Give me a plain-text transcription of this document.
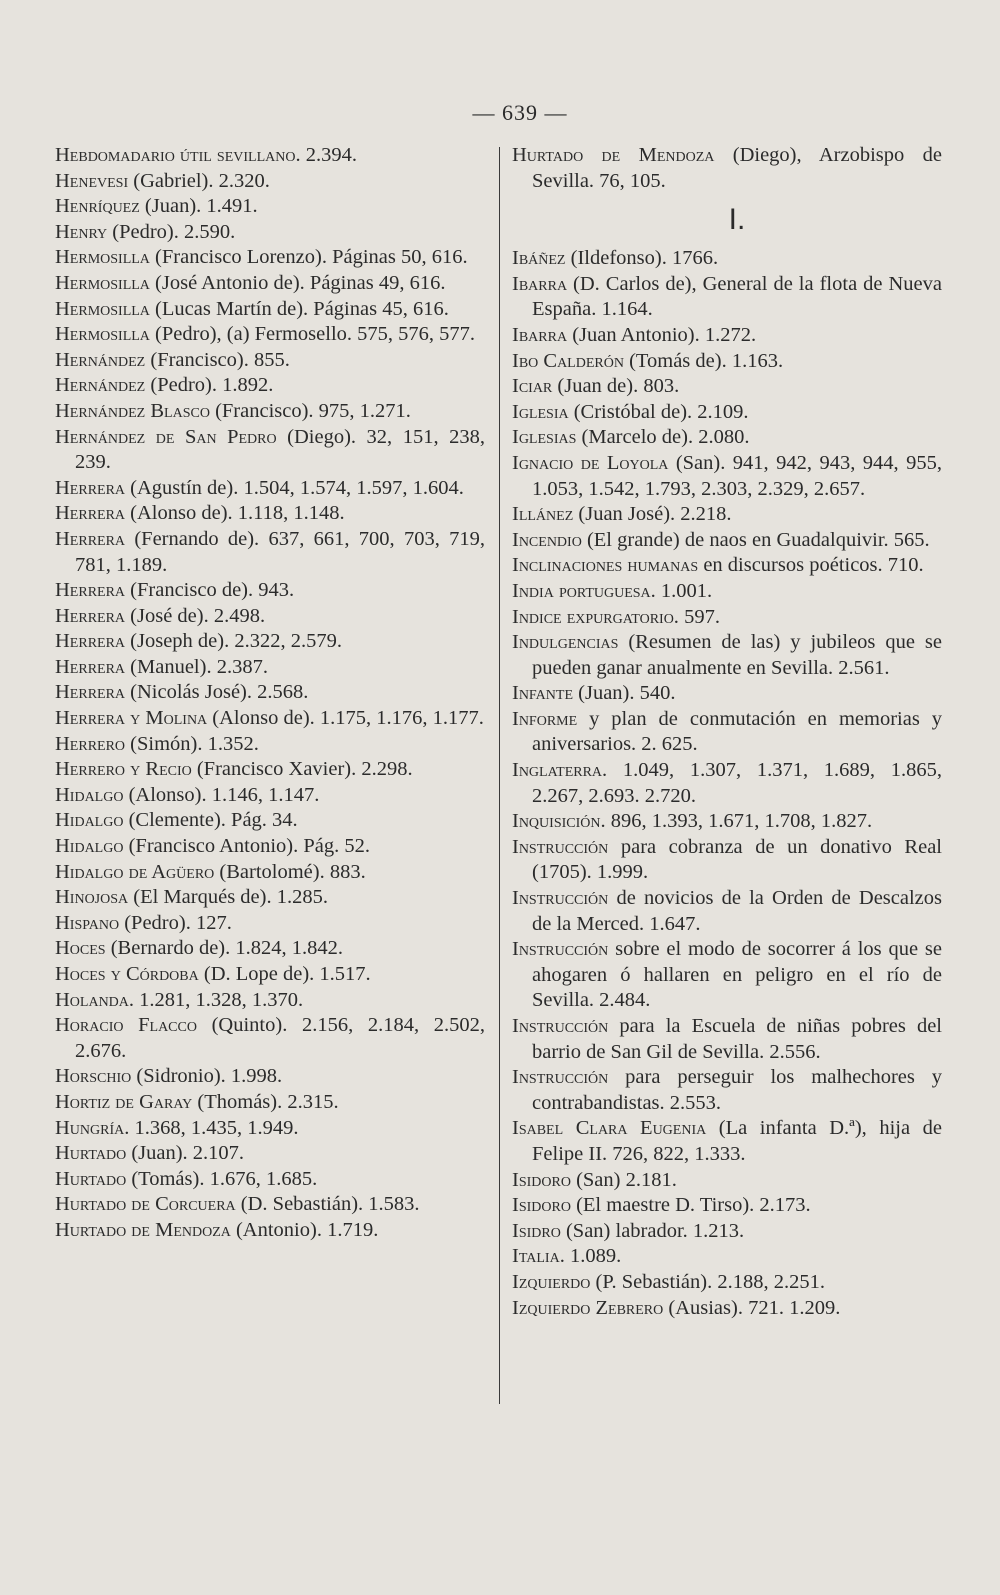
— 639 —
Hebdomadario útil sevillano. 2.394.
Henevesi (Gabriel). 2.320.
Henríquez (Juan). 1.491.
Henry (Pedro). 2.590.
Hermosilla (Francisco Lorenzo). Páginas 50, 616.
Hermosilla (José Antonio de). Páginas 49, 616.
Hermosilla (Lucas Martín de). Páginas 45, 616.
Hermosilla (Pedro), (a) Fermosello. 575, 576, 577.
Hernández (Francisco). 855.
Hernández (Pedro). 1.892.
Hernández Blasco (Francisco). 975, 1.271.
Hernández de San Pedro (Diego). 32, 151, 238, 239.
Herrera (Agustín de). 1.504, 1.574, 1.597, 1.604.
Herrera (Alonso de). 1.118, 1.148.
Herrera (Fernando de). 637, 661, 700, 703, 719, 781, 1.189.
Herrera (Francisco de). 943.
Herrera (José de). 2.498.
Herrera (Joseph de). 2.322, 2.579.
Herrera (Manuel). 2.387.
Herrera (Nicolás José). 2.568.
Herrera y Molina (Alonso de). 1.175, 1.176, 1.177.
Herrero (Simón). 1.352.
Herrero y Recio (Francisco Xavier). 2.298.
Hidalgo (Alonso). 1.146, 1.147.
Hidalgo (Clemente). Pág. 34.
Hidalgo (Francisco Antonio). Pág. 52.
Hidalgo de Agüero (Bartolomé). 883.
Hinojosa (El Marqués de). 1.285.
Hispano (Pedro). 127.
Hoces (Bernardo de). 1.824, 1.842.
Hoces y Córdoba (D. Lope de). 1.517.
Holanda. 1.281, 1.328, 1.370.
Horacio Flacco (Quinto). 2.156, 2.184, 2.502, 2.676.
Horschio (Sidronio). 1.998.
Hortiz de Garay (Thomás). 2.315.
Hungría. 1.368, 1.435, 1.949.
Hurtado (Juan). 2.107.
Hurtado (Tomás). 1.676, 1.685.
Hurtado de Corcuera (D. Sebastián). 1.583.
Hurtado de Mendoza (Antonio). 1.719.
Hurtado de Mendoza (Diego), Arzobispo de Sevilla. 76, 105.
I.
Ibáñez (Ildefonso). 1766.
Ibarra (D. Carlos de), General de la flota de Nueva España. 1.164.
Ibarra (Juan Antonio). 1.272.
Ibo Calderón (Tomás de). 1.163.
Iciar (Juan de). 803.
Iglesia (Cristóbal de). 2.109.
Iglesias (Marcelo de). 2.080.
Ignacio de Loyola (San). 941, 942, 943, 944, 955, 1.053, 1.542, 1.793, 2.303, 2.329, 2.657.
Illánez (Juan José). 2.218.
Incendio (El grande) de naos en Guadalquivir. 565.
Inclinaciones humanas en discursos poéticos. 710.
India portuguesa. 1.001.
Indice expurgatorio. 597.
Indulgencias (Resumen de las) y jubileos que se pueden ganar anualmente en Sevilla. 2.561.
Infante (Juan). 540.
Informe y plan de conmutación en memorias y aniversarios. 2. 625.
Inglaterra. 1.049, 1.307, 1.371, 1.689, 1.865, 2.267, 2.693. 2.720.
Inquisición. 896, 1.393, 1.671, 1.708, 1.827.
Instrucción para cobranza de un donativo Real (1705). 1.999.
Instrucción de novicios de la Orden de Descalzos de la Merced. 1.647.
Instrucción sobre el modo de socorrer á los que se ahogaren ó hallaren en peligro en el río de Sevilla. 2.484.
Instrucción para la Escuela de niñas pobres del barrio de San Gil de Sevilla. 2.556.
Instrucción para perseguir los malhechores y contrabandistas. 2.553.
Isabel Clara Eugenia (La infanta D.ª), hija de Felipe II. 726, 822, 1.333.
Isidoro (San) 2.181.
Isidoro (El maestre D. Tirso). 2.173.
Isidro (San) labrador. 1.213.
Italia. 1.089.
Izquierdo (P. Sebastián). 2.188, 2.251.
Izquierdo Zebrero (Ausias). 721. 1.209.
